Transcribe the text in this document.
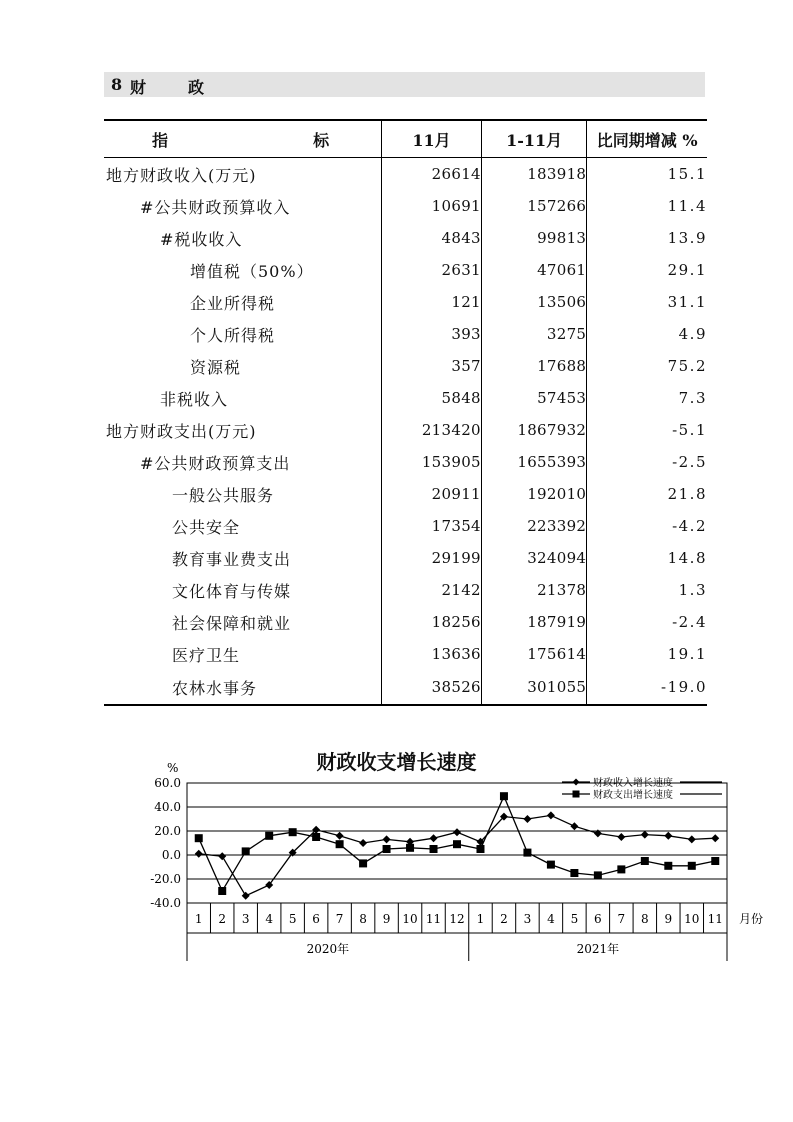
8 财	政
指 标	11月	1-11月	比同期增减 %
地方财政收入(万元)	26614	183918	15.1
#公共财政预算收入	10691	157266	11.4
#税收收入	4843	99813	13.9
增值税（50%）	2631	47061	29.1
企业所得税	121	13506	31.1
个人所得税	393	3275	4.9
资源税	357	17688	75.2
非税收入	5848	57453	7.3
地方财政支出(万元)	213420	1867932	-5.1
#公共财政预算支出	153905	1655393	-2.5
一般公共服务	20911	192010	21.8
公共安全	17354	223392	-4.2
教育事业费支出	29199	324094	14.8
文化体育与传媒	2142	21378	1.3
社会保障和就业	18256	187919	-2.4
医疗卫生	13636	175614	19.1
农林水事务	38526	301055	-19.0
财政收支增长速度
60.0
40.0
20.0
0.0
-20.0
-40.0
%
1 2 3 4 5 6 7 8 9 10 11 12 1 2 3 4 5 6 7 8 9 10 11
2020年	2021年
月份
财政收入增长速度
财政支出增长速度
